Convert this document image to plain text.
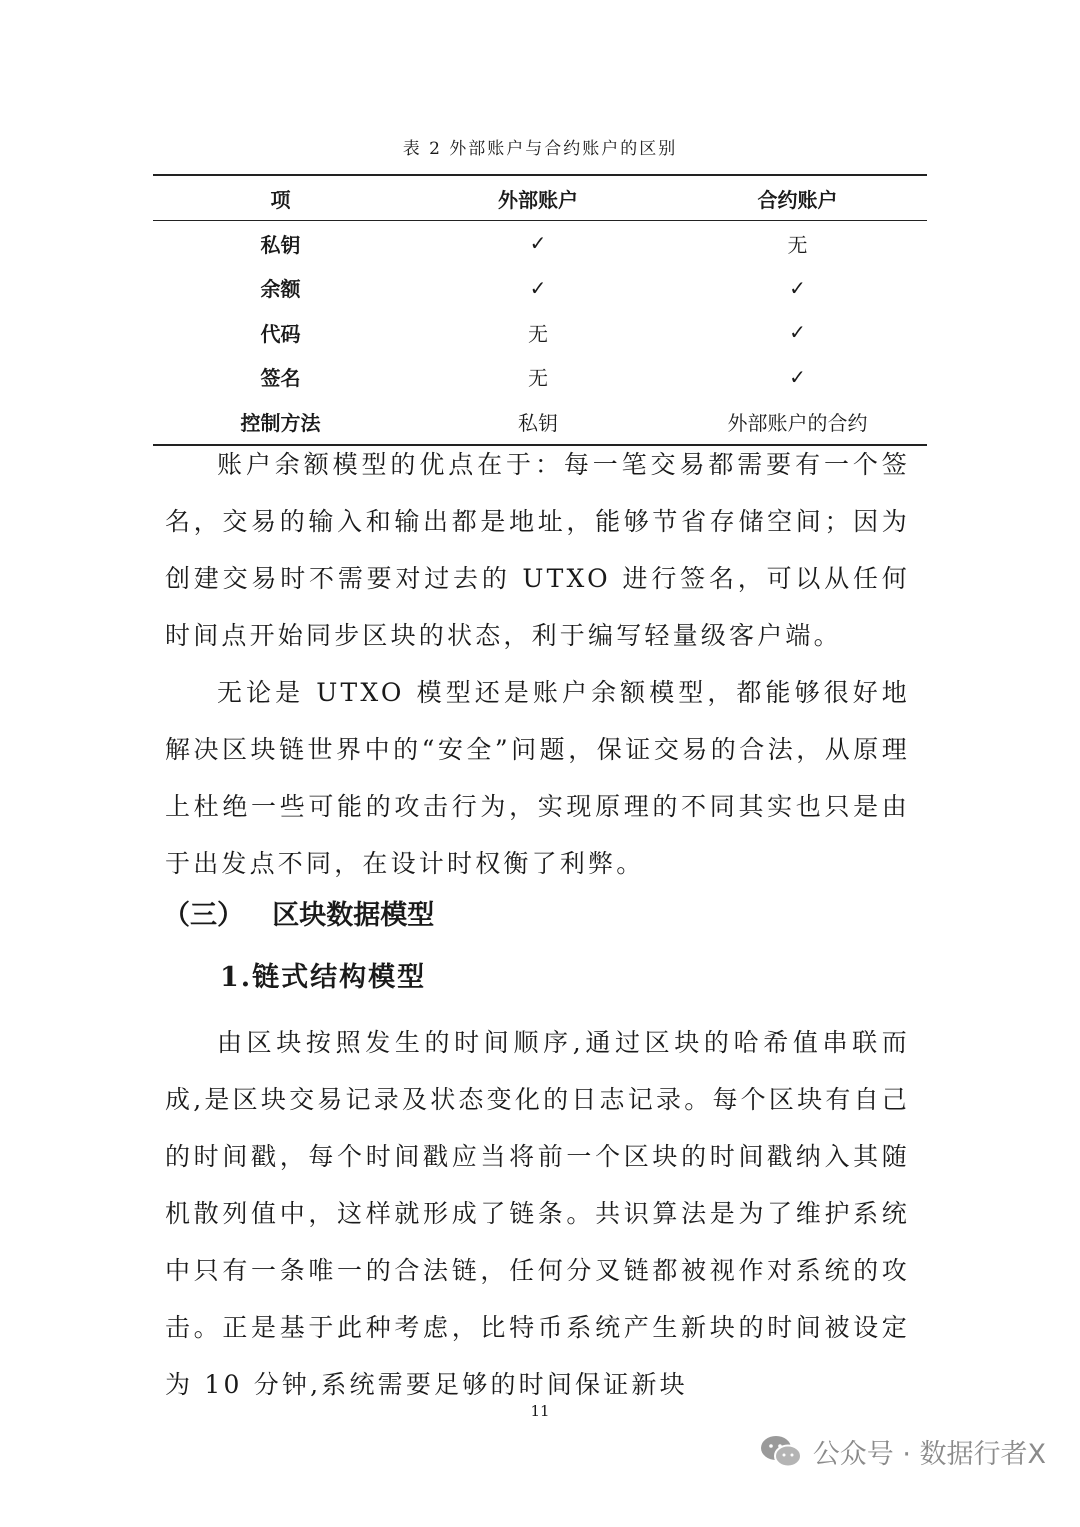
表 2 外部账户与合约账户的区别
项	外部账户	合约账户
私钥	✓	无
余额	✓	✓
代码	无	✓
签名	无	✓
控制方法	私钥	外部账户的合约

账户余额模型的优点在于：每一笔交易都需要有一个签名，交易的输入和输出都是地址，能够节省存储空间；因为创建交易时不需要对过去的 UTXO 进行签名，可以从任何时间点开始同步区块的状态，利于编写轻量级客户端。

无论是 UTXO 模型还是账户余额模型，都能够很好地解决区块链世界中的“安全”问题，保证交易的合法，从原理上杜绝一些可能的攻击行为，实现原理的不同其实也只是由于出发点不同，在设计时权衡了利弊。

（三）   区块数据模型
1.链式结构模型

由区块按照发生的时间顺序,通过区块的哈希值串联而成,是区块交易记录及状态变化的日志记录。每个区块有自己的时间戳，每个时间戳应当将前一个区块的时间戳纳入其随机散列值中，这样就形成了链条。共识算法是为了维护系统中只有一条唯一的合法链，任何分叉链都被视作对系统的攻击。正是基于此种考虑，比特币系统产生新块的时间被设定为 10 分钟,系统需要足够的时间保证新块

11
公众号 · 数据行者X
